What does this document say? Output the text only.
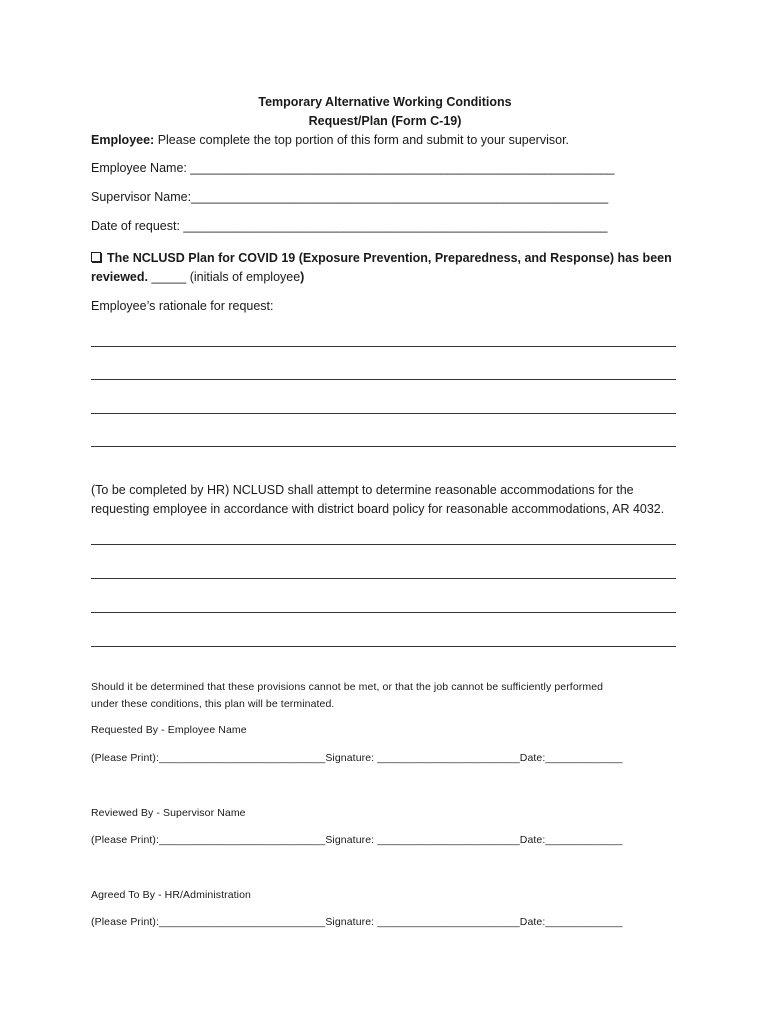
Temporary Alternative Working Conditions
Request/Plan (Form C-19)
Employee: Please complete the top portion of this form and submit to your supervisor.
Employee Name: _____________________________________________________________
Supervisor Name:____________________________________________________________
Date of request: _____________________________________________________________
The NCLUSD Plan for COVID 19 (Exposure Prevention, Preparedness, and Response) has been
reviewed. _____ (initials of employee)
Employee’s rationale for request:
(To be completed by HR) NCLUSD shall attempt to determine reasonable accommodations for the
requesting employee in accordance with district board policy for reasonable accommodations, AR 4032.
Should it be determined that these provisions cannot be met, or that the job cannot be sufficiently performed
under these conditions, this plan will be terminated.
Requested By - Employee Name
(Please Print):____________________________Signature: ________________________Date:_____________
Reviewed By - Supervisor Name
(Please Print):____________________________Signature: ________________________Date:_____________
Agreed To By - HR/Administration
(Please Print):____________________________Signature: ________________________Date:_____________
